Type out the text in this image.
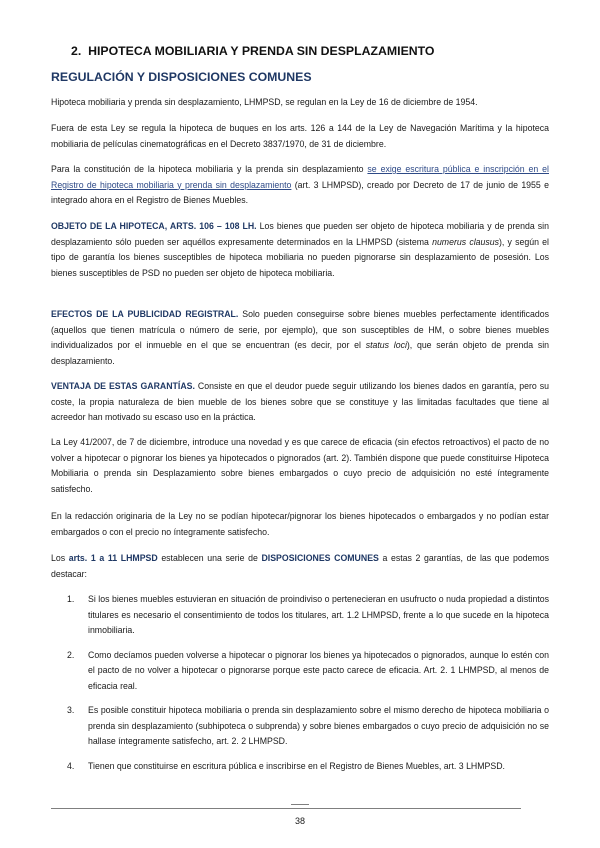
2. HIPOTECA MOBILIARIA Y PRENDA SIN DESPLAZAMIENTO
REGULACIÓN Y DISPOSICIONES COMUNES

Hipoteca mobiliaria y prenda sin desplazamiento, LHMPSD, se regulan en la Ley de 16 de diciembre de 1954.

Fuera de esta Ley se regula la hipoteca de buques en los arts. 126 a 144 de la Ley de Navegación Marítima y la hipoteca mobiliaria de películas cinematográficas en el Decreto 3837/1970, de 31 de diciembre.

Para la constitución de la hipoteca mobiliaria y la prenda sin desplazamiento se exige escritura pública e inscripción en el Registro de hipoteca mobiliaria y prenda sin desplazamiento (art. 3 LHMPSD), creado por Decreto de 17 de junio de 1955 e integrado ahora en el Registro de Bienes Muebles.

OBJETO DE LA HIPOTECA, ARTS. 106 – 108 LH. Los bienes que pueden ser objeto de hipoteca mobiliaria y de prenda sin desplazamiento sólo pueden ser aquéllos expresamente determinados en la LHMPSD (sistema numerus clausus), y según el tipo de garantía los bienes susceptibles de hipoteca mobiliaria no pueden pignorarse sin desplazamiento de posesión. Los bienes susceptibles de PSD no pueden ser objeto de hipoteca mobiliaria.

EFECTOS DE LA PUBLICIDAD REGISTRAL. Solo pueden conseguirse sobre bienes muebles perfectamente identificados (aquellos que tienen matrícula o número de serie, por ejemplo), que son susceptibles de HM, o sobre bienes muebles individualizados por el inmueble en el que se encuentran (es decir, por el status loci), que serán objeto de prenda sin desplazamiento.

VENTAJA DE ESTAS GARANTÍAS. Consiste en que el deudor puede seguir utilizando los bienes dados en garantía, pero su coste, la propia naturaleza de bien mueble de los bienes sobre que se constituye y las limitadas facultades que tiene al acreedor han motivado su escaso uso en la práctica.

La Ley 41/2007, de 7 de diciembre, introduce una novedad y es que carece de eficacia (sin efectos retroactivos) el pacto de no volver a hipotecar o pignorar los bienes ya hipotecados o pignorados (art. 2). También dispone que puede constituirse Hipoteca Mobiliaria o prenda sin Desplazamiento sobre bienes embargados o cuyo precio de adquisición no esté íntegramente satisfecho.

En la redacción originaria de la Ley no se podían hipotecar/pignorar los bienes hipotecados o embargados y no podían estar embargados o con el precio no íntegramente satisfecho.

Los arts. 1 a 11 LHMPSD establecen una serie de DISPOSICIONES COMUNES a estas 2 garantías, de las que podemos destacar:

1. Si los bienes muebles estuvieran en situación de proindiviso o pertenecieran en usufructo o nuda propiedad a distintos titulares es necesario el consentimiento de todos los titulares, art. 1.2 LHMPSD, frente a lo que sucede en la hipoteca inmobiliaria.
2. Como decíamos pueden volverse a hipotecar o pignorar los bienes ya hipotecados o pignorados, aunque lo estén con el pacto de no volver a hipotecar o pignorarse porque este pacto carece de eficacia. Art. 2. 1 LHMPSD, al menos de eficacia real.
3. Es posible constituir hipoteca mobiliaria o prenda sin desplazamiento sobre el mismo derecho de hipoteca mobiliaria o prenda sin desplazamiento (subhipoteca o subprenda) y sobre bienes embargados o cuyo precio de adquisición no se hallase íntegramente satisfecho, art. 2. 2 LHMPSD.
4. Tienen que constituirse en escritura pública e inscribirse en el Registro de Bienes Muebles, art. 3 LHMPSD.
38
